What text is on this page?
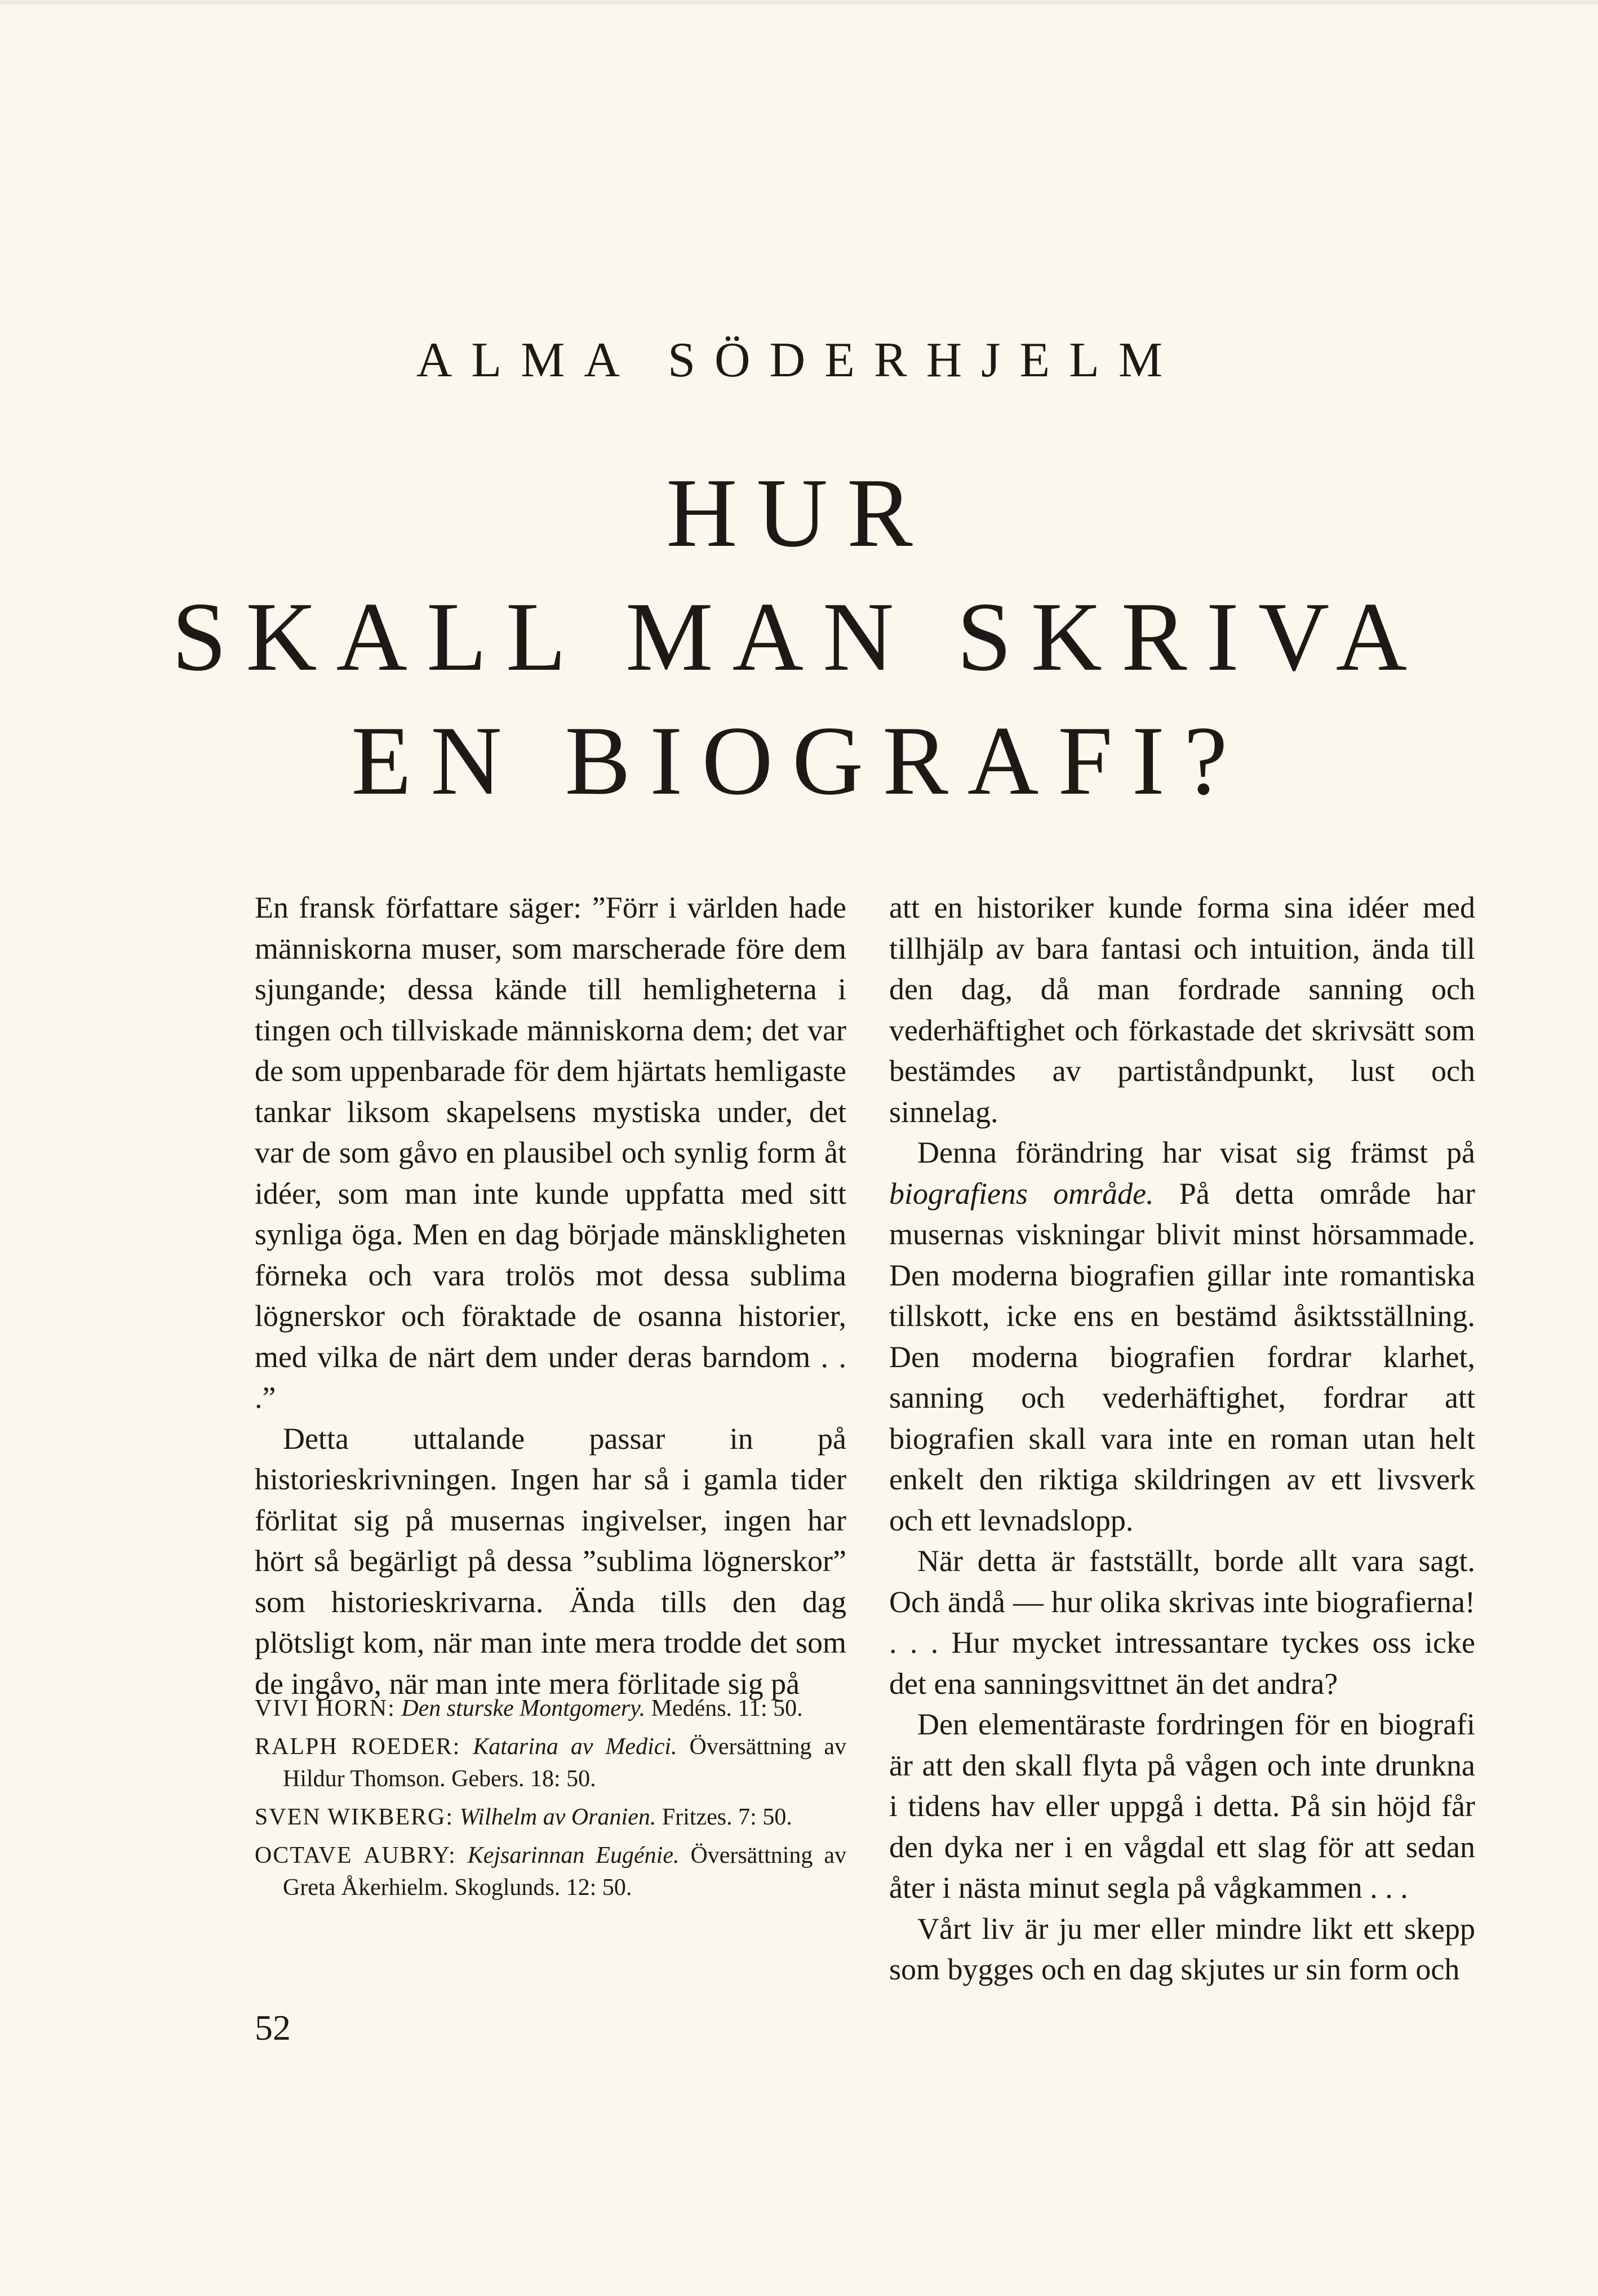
ALMA SÖDERHJELM
HUR
SKALL MAN SKRIVA
EN BIOGRAFI?

En fransk författare säger: ”Förr i världen hade människorna muser, som marscherade före dem sjungande; dessa kände till hemligheterna i tingen och tillviskade människorna dem; det var de som uppenbarade för dem hjärtats hemligaste tankar liksom skapelsens mystiska under, det var de som gåvo en plausibel och synlig form åt idéer, som man inte kunde uppfatta med sitt synliga öga. Men en dag började mänskligheten förneka och vara trolös mot dessa sublima lögnerskor och föraktade de osanna historier, med vilka de närt dem under deras barndom . . .”

Detta uttalande passar in på historieskrivningen. Ingen har så i gamla tider förlitat sig på musernas ingivelser, ingen har hört så begärligt på dessa ”sublima lögnerskor” som historieskrivarna. Ända tills den dag plötsligt kom, när man inte mera trodde det som de ingåvo, när man inte mera förlitade sig på

VIVI HORN: Den sturske Montgomery. Medéns. 11: 50.
RALPH ROEDER: Katarina av Medici. Översättning av Hildur Thomson. Gebers. 18: 50.
SVEN WIKBERG: Wilhelm av Oranien. Fritzes. 7: 50.
OCTAVE AUBRY: Kejsarinnan Eugénie. Översättning av Greta Åkerhielm. Skoglunds. 12: 50.

att en historiker kunde forma sina idéer med tillhjälp av bara fantasi och intuition, ända till den dag, då man fordrade sanning och vederhäftighet och förkastade det skrivsätt som bestämdes av partiståndpunkt, lust och sinnelag.

Denna förändring har visat sig främst på biografiens område. På detta område har musernas viskningar blivit minst hörsammade. Den moderna biografien gillar inte romantiska tillskott, icke ens en bestämd åsiktsställning. Den moderna biografien fordrar klarhet, sanning och vederhäftighet, fordrar att biografien skall vara inte en roman utan helt enkelt den riktiga skildringen av ett livsverk och ett levnadslopp.

När detta är fastställt, borde allt vara sagt. Och ändå — hur olika skrivas inte biografierna! . . . Hur mycket intressantare tyckes oss icke det ena sanningsvittnet än det andra?

Den elementäraste fordringen för en biografi är att den skall flyta på vågen och inte drunkna i tidens hav eller uppgå i detta. På sin höjd får den dyka ner i en vågdal ett slag för att sedan åter i nästa minut segla på vågkammen . . .

Vårt liv är ju mer eller mindre likt ett skepp som bygges och en dag skjutes ur sin form och

52
